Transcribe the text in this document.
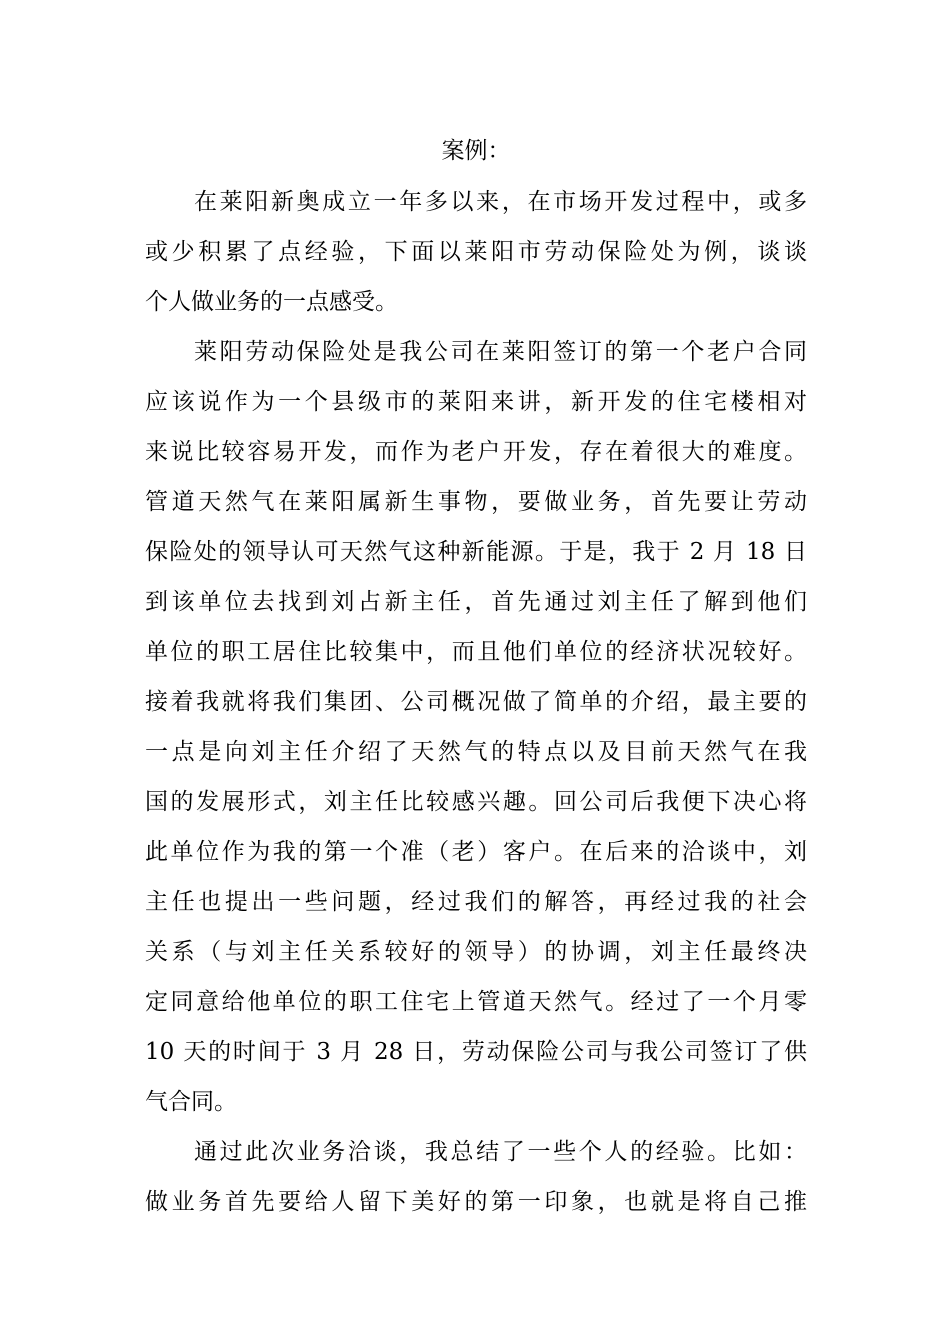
案例：
在莱阳新奥成立一年多以来，在市场开发过程中，或多
或少积累了点经验，下面以莱阳市劳动保险处为例，谈谈
个人做业务的一点感受。
莱阳劳动保险处是我公司在莱阳签订的第一个老户合同
应该说作为一个县级市的莱阳来讲，新开发的住宅楼相对
来说比较容易开发，而作为老户开发，存在着很大的难度。
管道天然气在莱阳属新生事物，要做业务，首先要让劳动
保险处的领导认可天然气这种新能源。于是，我于 2 月 18 日
到该单位去找到刘占新主任，首先通过刘主任了解到他们
单位的职工居住比较集中，而且他们单位的经济状况较好。
接着我就将我们集团、公司概况做了简单的介绍，最主要的
一点是向刘主任介绍了天然气的特点以及目前天然气在我
国的发展形式，刘主任比较感兴趣。回公司后我便下决心将
此单位作为我的第一个准（老）客户。在后来的洽谈中，刘
主任也提出一些问题，经过我们的解答，再经过我的社会
关系（与刘主任关系较好的领导）的协调，刘主任最终决
定同意给他单位的职工住宅上管道天然气。经过了一个月零
10 天的时间于 3 月 28 日，劳动保险公司与我公司签订了供
气合同。
通过此次业务洽谈，我总结了一些个人的经验。比如：
做业务首先要给人留下美好的第一印象，也就是将自己推
